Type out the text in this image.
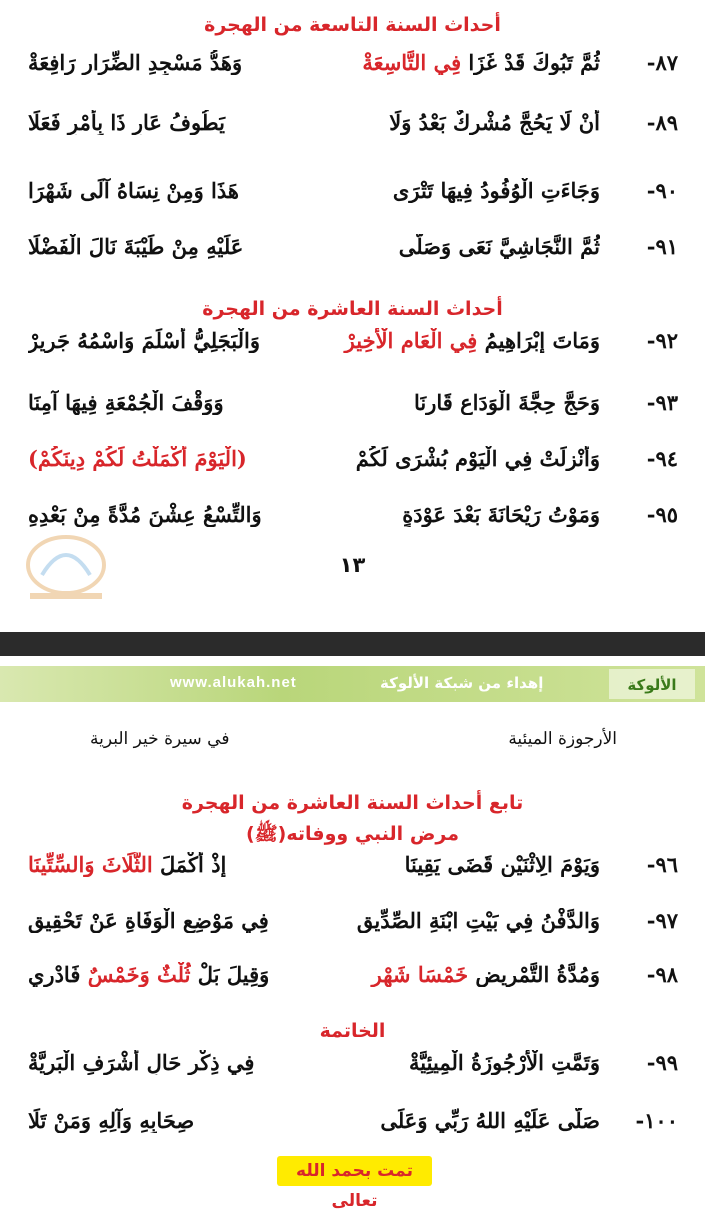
أحداث السنة التاسعة من الهجرة
٨٧-
ثُمَّ تَبُوكَ قَدْ غَزَا فِي التَّاسِعَةْ
وَهَدُّ مَسْجِدِ الضِّرَارِ رَافِعَةْ
٨٩-
أَنْ لَا يَحُجَّ مُشْرِكٌ بَعْدُ وَلَا
يَطُوفُ عَارٍ ذَا بِأَمْرٍ فَعَلَا
٩٠-
وَجَاءَتِ الْوُفُودُ فِيهَا تَتْرَى
هَذَا وَمِنْ نِسَاهُ آلَى شَهْرَا
٩١-
ثُمَّ النَّجَاشِيَّ نَعَى وَصَلَّى
عَلَيْهِ مِنْ طَيْبَةَ نَالَ الْفَضْلَا
أحداث السنة العاشرة من الهجرة
٩٢-
وَمَاتَ إِبْرَاهِيمُ فِي الْعَامِ الْأَخِيرْ
وَالْبَجَلِيُّ أَسْلَمَ وَاسْمُهُ جَرِيرْ
٩٣-
وَحَجَّ حِجَّةَ الْوَدَاعِ قَارِنَا
وَوَقْفَ الْجُمْعَةِ فِيهَا آمِنَا
٩٤-
وَأُنْزِلَتْ فِي الْيَوْمِ بُشْرَى لَكُمْ
(الْيَوْمَ أَكْمَلْتُ لَكُمْ دِينَكُمْ)
٩٥-
وَمَوْتُ رَيْحَانَةَ بَعْدَ عَوْدَةٍ
وَالتِّسْعُ عِشْنَ مُدَّةً مِنْ بَعْدِهِ
١٣
www.alukah.net	إهداء من شبكة الألوكة	الألوكة
الأرجوزة الميئية
في سيرة خير البرية
تابع أحداث السنة العاشرة من الهجرة
مرض النبي ووفاته(ﷺ)
٩٦-
وَيَوْمَ الِاثْنَيْنِ قَضَى يَقِينَا
إِذْ أَكْمَلَ الثَّلَاثَ وَالسِّتِّينَا
٩٧-
وَالدَّفْنُ فِي بَيْتِ ابْنَةِ الصِّدِّيقِ
فِي مَوْضِعِ الْوَفَاةِ عَنْ تَحْقِيقِ
٩٨-
وَمُدَّةُ التَّمْرِيضِ خَمْسَا شَهْرِ
وَقِيلَ بَلْ ثُلْثٌ وَخَمْسٌ فَادْرِي
الخاتمة
٩٩-
وَتَمَّتِ الْأُرْجُوزَةُ الْمِيئِيَّةْ
فِي ذِكْرِ حَالِ أَشْرَفِ الْبَرِيَّةْ
١٠٠-
صَلَّى عَلَيْهِ اللهُ رَبِّي وَعَلَى
صِحَابِهِ وَآلِهِ وَمَنْ تَلَا
تمت بحمد الله تعالى
